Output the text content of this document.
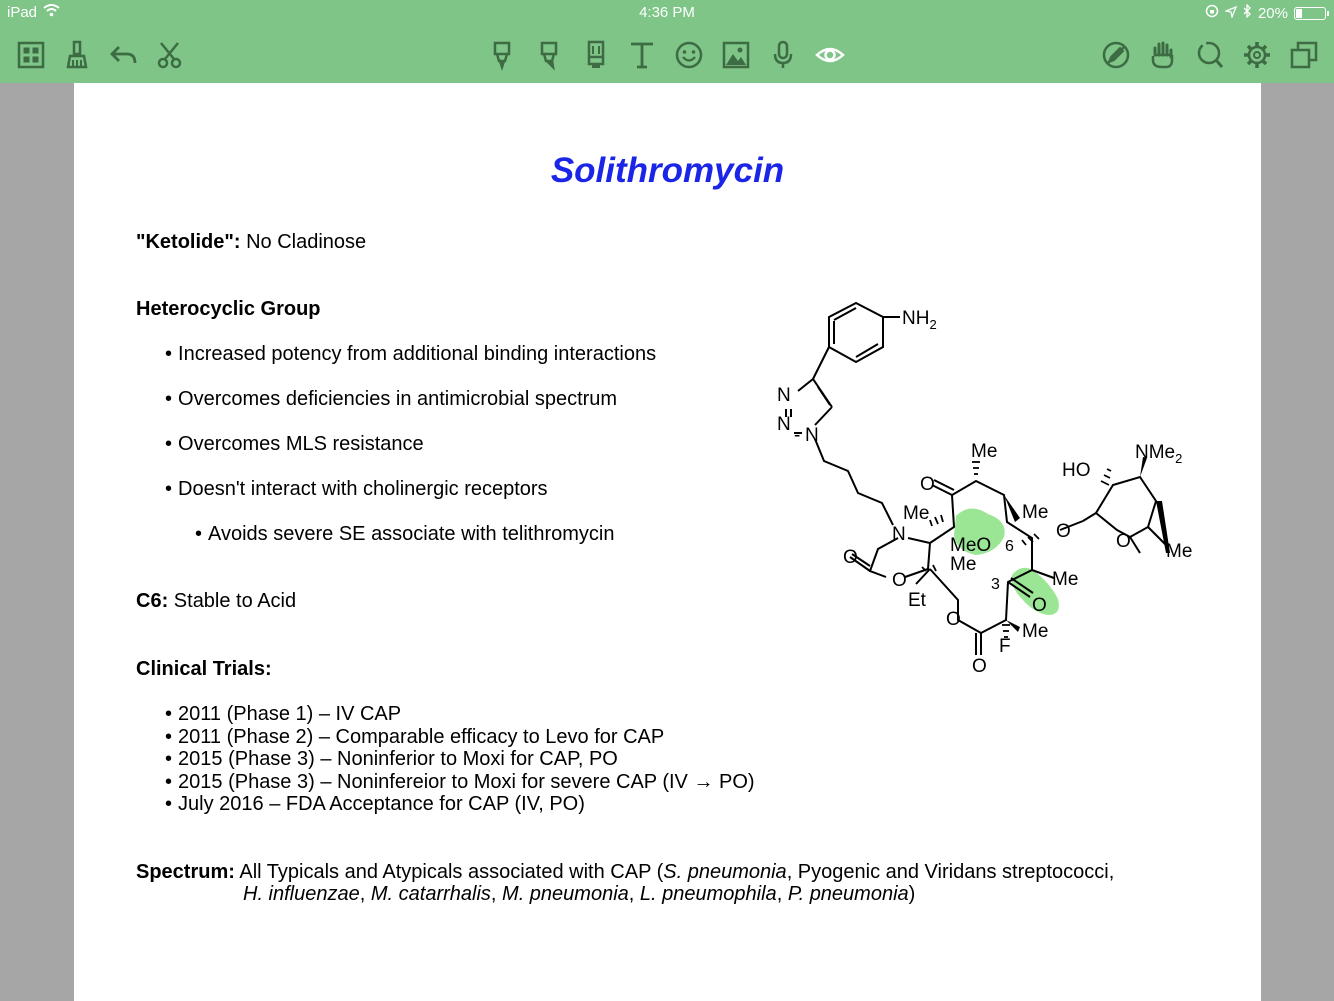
iPad	4:36 PM	20%
Solithromycin
"Ketolide": No Cladinose
Heterocyclic Group
• Increased potency from additional binding interactions
• Overcomes deficiencies in antimicrobial spectrum
• Overcomes MLS resistance
• Doesn't interact with cholinergic receptors
• Avoids severe SE associate with telithromycin
C6: Stable to Acid
Clinical Trials:
• 2011 (Phase 1) – IV CAP
• 2011 (Phase 2) – Comparable efficacy to Levo for CAP
• 2015 (Phase 3) – Noninferior to Moxi for CAP, PO
• 2015 (Phase 3) – Noninfereior to Moxi for severe CAP (IV → PO)
• July 2016 – FDA Acceptance for CAP (IV, PO)
Spectrum: All Typicals and Atypicals associated with CAP (S. pneumonia, Pyogenic and Viridans streptococci,
H. influenzae, M. catarrhalis, M. pneumonia, L. pneumophila, P. pneumonia)
$NH_2$
N
N
N
-
N
Me
O
O
O
MeO 6
Me
Me
Me
O
HO
NMe$_2$
O Me
Me
3
O
Me
F
O
O
Et
